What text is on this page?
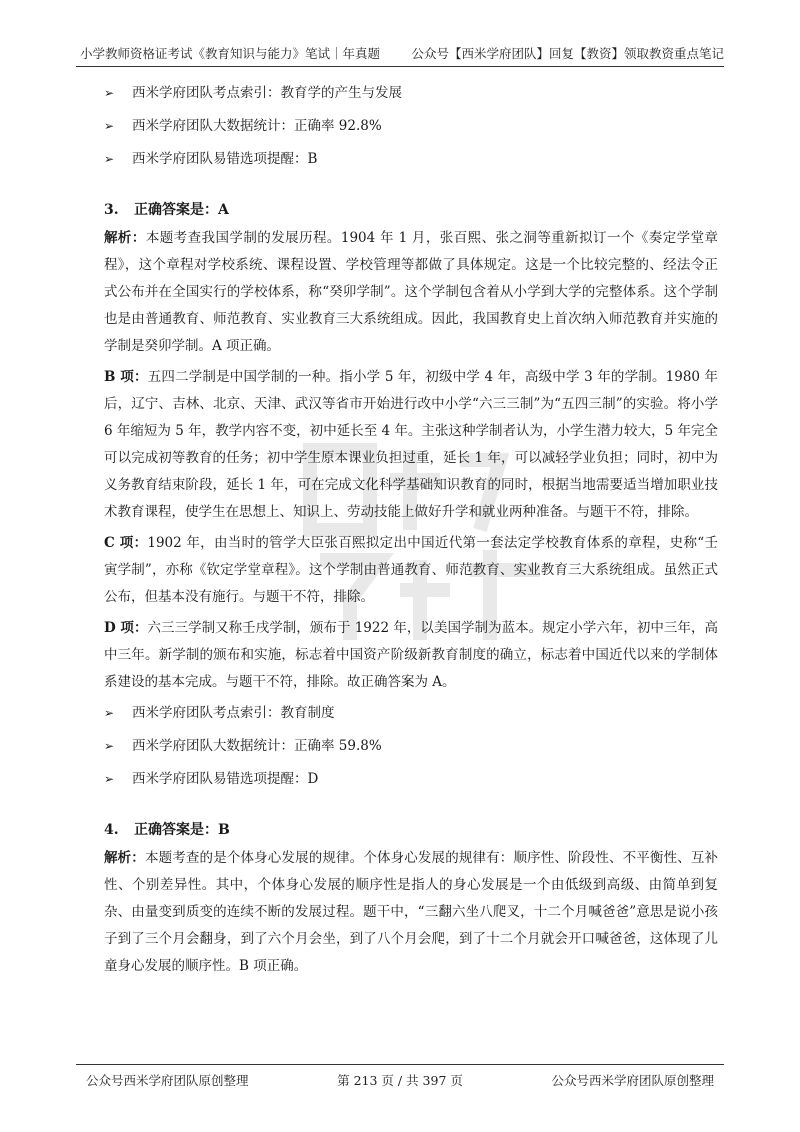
小学教师资格证考试《教育知识与能力》笔试｜年真题	公众号【西米学府团队】回复【教资】领取教资重点笔记
➢ 西米学府团队考点索引：教育学的产生与发展
➢ 西米学府团队大数据统计：正确率 92.8%
➢ 西米学府团队易错选项提醒：B
3. 正确答案是：A

解析：本题考查我国学制的发展历程。1904 年 1 月，张百熙、张之洞等重新拟订一个《奏定学堂章程》，这个章程对学校系统、课程设置、学校管理等都做了具体规定。这是一个比较完整的、经法令正式公布并在全国实行的学校体系，称“癸卯学制”。这个学制包含着从小学到大学的完整体系。这个学制也是由普通教育、师范教育、实业教育三大系统组成。因此，我国教育史上首次纳入师范教育并实施的学制是癸卯学制。A 项正确。

B 项：五四二学制是中国学制的一种。指小学 5 年，初级中学 4 年，高级中学 3 年的学制。1980 年后，辽宁、吉林、北京、天津、武汉等省市开始进行改中小学“六三三制”为“五四三制”的实验。将小学 6 年缩短为 5 年，教学内容不变，初中延长至 4 年。主张这种学制者认为，小学生潜力较大，5 年完全可以完成初等教育的任务；初中学生原本课业负担过重，延长 1 年，可以减轻学业负担；同时，初中为义务教育结束阶段，延长 1 年，可在完成文化科学基础知识教育的同时，根据当地需要适当增加职业技术教育课程，使学生在思想上、知识上、劳动技能上做好升学和就业两种准备。与题干不符，排除。

C 项：1902 年，由当时的管学大臣张百熙拟定出中国近代第一套法定学校教育体系的章程，史称“壬寅学制”，亦称《钦定学堂章程》。这个学制由普通教育、师范教育、实业教育三大系统组成。虽然正式公布，但基本没有施行。与题干不符，排除。

D 项：六三三学制又称壬戌学制，颁布于 1922 年，以美国学制为蓝本。规定小学六年，初中三年，高中三年。新学制的颁布和实施，标志着中国资产阶级新教育制度的确立，标志着中国近代以来的学制体系建设的基本完成。与题干不符，排除。故正确答案为 A。

➢ 西米学府团队考点索引：教育制度
➢ 西米学府团队大数据统计：正确率 59.8%
➢ 西米学府团队易错选项提醒：D
4. 正确答案是：B

解析：本题考查的是个体身心发展的规律。个体身心发展的规律有：顺序性、阶段性、不平衡性、互补性、个别差异性。其中，个体身心发展的顺序性是指人的身心发展是一个由低级到高级、由简单到复杂、由量变到质变的连续不断的发展过程。题干中，“三翻六坐八爬叉，十二个月喊爸爸”意思是说小孩子到了三个月会翻身，到了六个月会坐，到了八个月会爬，到了十二个月就会开口喊爸爸，这体现了儿童身心发展的顺序性。B 项正确。

公众号西米学府团队原创整理	第 213 页 / 共 397 页	公众号西米学府团队原创整理
